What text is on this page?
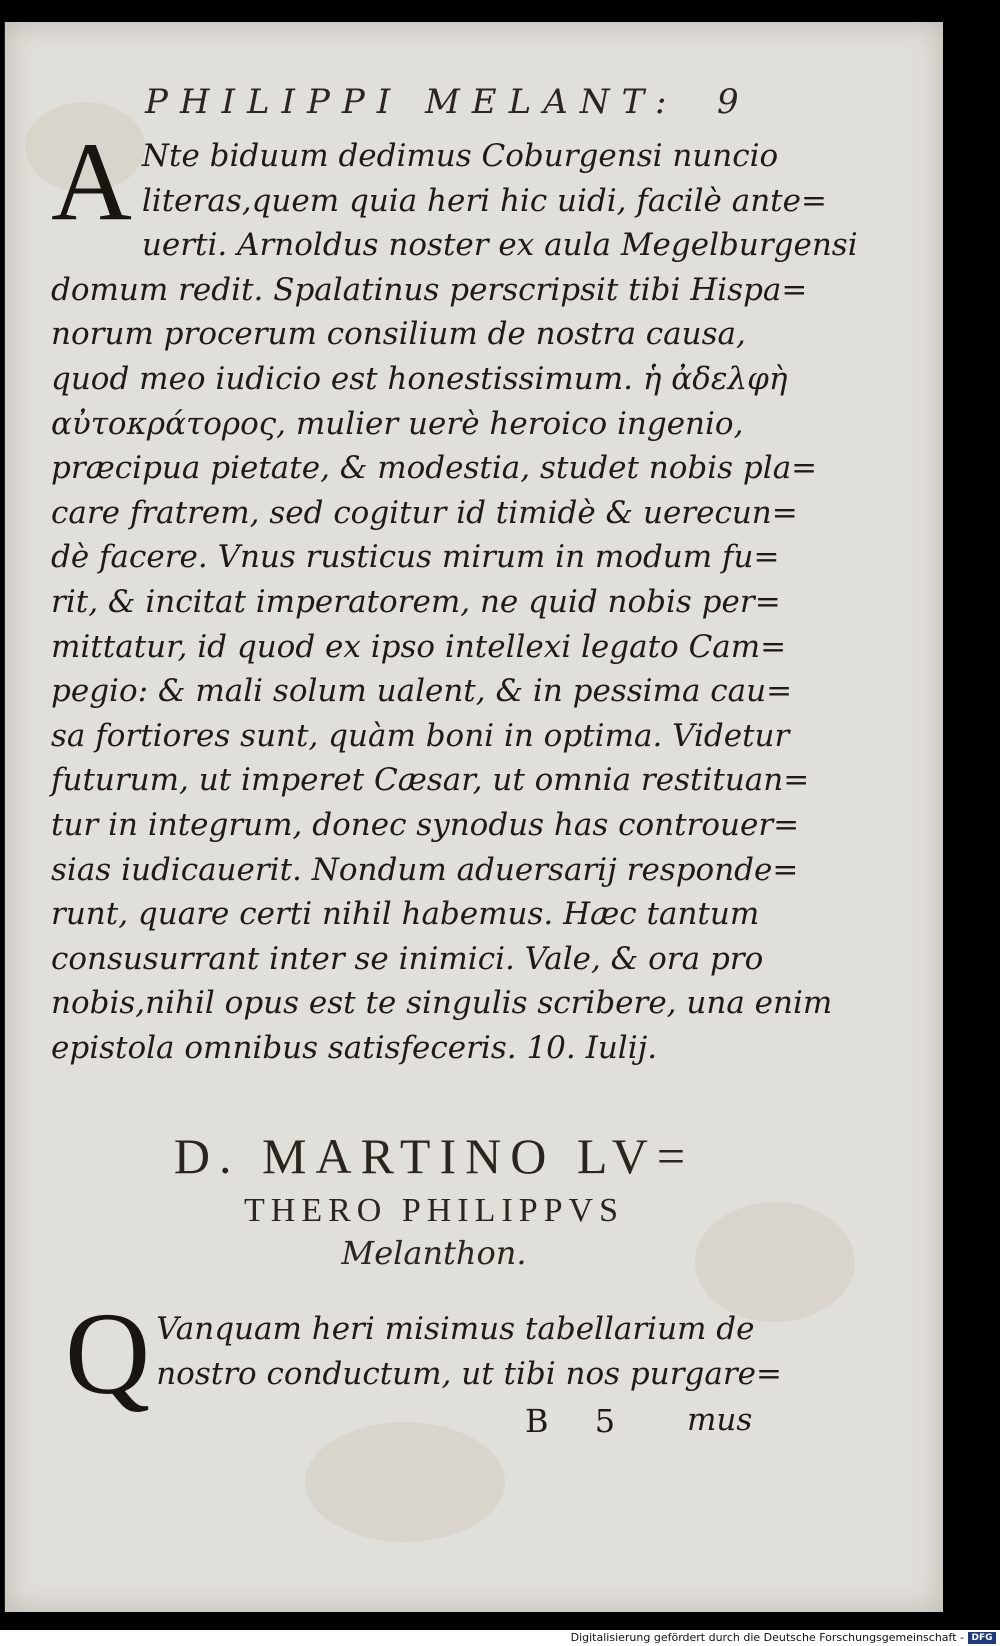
PHILIPPI MELANT: 9
A Nte biduum dedimus Coburgensi nuncio
literas,quem quia heri hic uidi, facilè ante=
uerti. Arnoldus noster ex aula Megelburgensi
domum redit. Spalatinus perscripsit tibi Hispa=
norum procerum consilium de nostra causa,
quod meo iudicio est honestissimum. ἡ ἀδελφὴ
αὐτοκράτορος, mulier uerè heroico ingenio,
præcipua pietate, & modestia, studet nobis pla=
care fratrem, sed cogitur id timidè & uerecun=
dè facere. Vnus rusticus mirum in modum fu=
rit, & incitat imperatorem, ne quid nobis per=
mittatur, id quod ex ipso intellexi legato Cam=
pegio: & mali solum ualent, & in pessima cau=
sa fortiores sunt, quàm boni in optima. Videtur
futurum, ut imperet Cæsar, ut omnia restituan=
tur in integrum, donec synodus has controuer=
sias iudicauerit. Nondum aduersarij responde=
runt, quare certi nihil habemus. Hæc tantum
consusurrant inter se inimici. Vale, & ora pro
nobis,nihil opus est te singulis scribere, una enim
epistola omnibus satisfeceris. 10. Iulij.
D. MARTINO LV=
THERO PHILIPPVS
Melanthon.
Q Vanquam heri misimus tabellarium de
nostro conductum, ut tibi nos purgare=
B 5 mus
Digitalisierung gefördert durch die Deutsche Forschungsgemeinschaft - DFG
